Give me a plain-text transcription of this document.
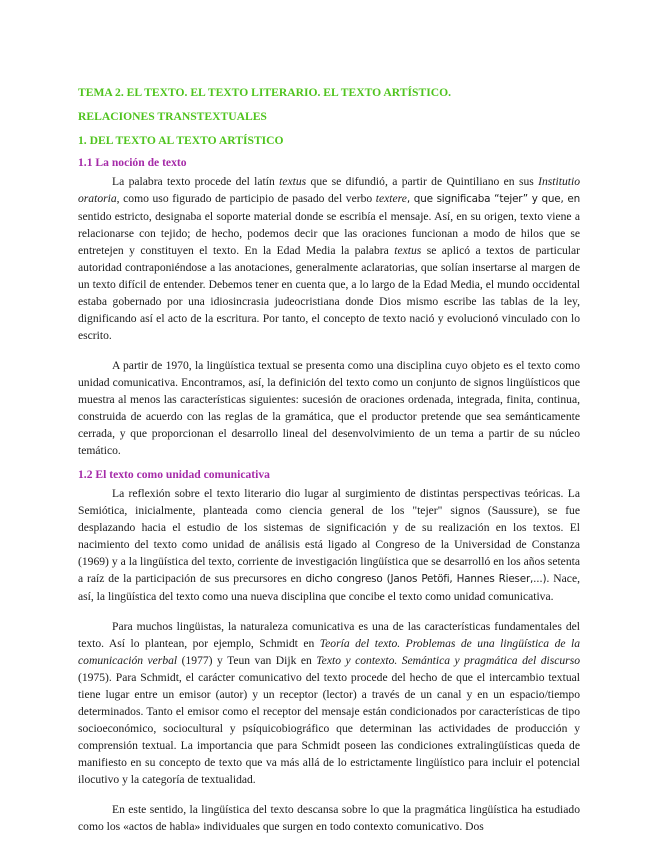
TEMA 2. EL TEXTO. EL TEXTO LITERARIO. EL TEXTO ARTÍSTICO.
RELACIONES TRANSTEXTUALES
1. DEL TEXTO AL TEXTO ARTÍSTICO
1.1 La noción de texto

La palabra texto procede del latín textus que se difundió, a partir de Quintiliano en sus Institutio oratoria, como uso figurado de participio de pasado del verbo textere, que significaba “tejer” y que, en sentido estricto, designaba el soporte material donde se escribía el mensaje. Así, en su origen, texto viene a relacionarse con tejido; de hecho, podemos decir que las oraciones funcionan a modo de hilos que se entretejen y constituyen el texto. En la Edad Media la palabra textus se aplicó a textos de particular autoridad contraponiéndose a las anotaciones, generalmente aclaratorias, que solían insertarse al margen de un texto difícil de entender. Debemos tener en cuenta que, a lo largo de la Edad Media, el mundo occidental estaba gobernado por una idiosincrasia judeocristiana donde Dios mismo escribe las tablas de la ley, dignificando así el acto de la escritura. Por tanto, el concepto de texto nació y evolucionó vinculado con lo escrito.

A partir de 1970, la lingüística textual se presenta como una disciplina cuyo objeto es el texto como unidad comunicativa. Encontramos, así, la definición del texto como un conjunto de signos lingüísticos que muestra al menos las características siguientes: sucesión de oraciones ordenada, integrada, finita, continua, construida de acuerdo con las reglas de la gramática, que el productor pretende que sea semánticamente cerrada, y que proporcionan el desarrollo lineal del desenvolvimiento de un tema a partir de su núcleo temático.

1.2 El texto como unidad comunicativa

La reflexión sobre el texto literario dio lugar al surgimiento de distintas perspectivas teóricas. La Semiótica, inicialmente, planteada como ciencia general de los "tejer" signos (Saussure), se fue desplazando hacia el estudio de los sistemas de significación y de su realización en los textos. El nacimiento del texto como unidad de análisis está ligado al Congreso de la Universidad de Constanza (1969) y a la lingüística del texto, corriente de investigación lingüística que se desarrolló en los años setenta a raíz de la participación de sus precursores en dicho congreso (Janos Petöfi, Hannes Rieser,...). Nace, así, la lingüística del texto como una nueva disciplina que concibe el texto como unidad comunicativa.

Para muchos lingüistas, la naturaleza comunicativa es una de las características fundamentales del texto. Así lo plantean, por ejemplo, Schmidt en Teoría del texto. Problemas de una lingüística de la comunicación verbal (1977) y Teun van Dijk en Texto y contexto. Semántica y pragmática del discurso (1975). Para Schmidt, el carácter comunicativo del texto procede del hecho de que el intercambio textual tiene lugar entre un emisor (autor) y un receptor (lector) a través de un canal y en un espacio/tiempo determinados. Tanto el emisor como el receptor del mensaje están condicionados por características de tipo socioeconómico, sociocultural y psíquicobiográfico que determinan las actividades de producción y comprensión textual. La importancia que para Schmidt poseen las condiciones extralingüísticas queda de manifiesto en su concepto de texto que va más allá de lo estrictamente lingüístico para incluir el potencial ilocutivo y la categoría de textualidad.

En este sentido, la lingüística del texto descansa sobre lo que la pragmática lingüística ha estudiado como los «actos de habla» individuales que surgen en todo contexto comunicativo. Dos
